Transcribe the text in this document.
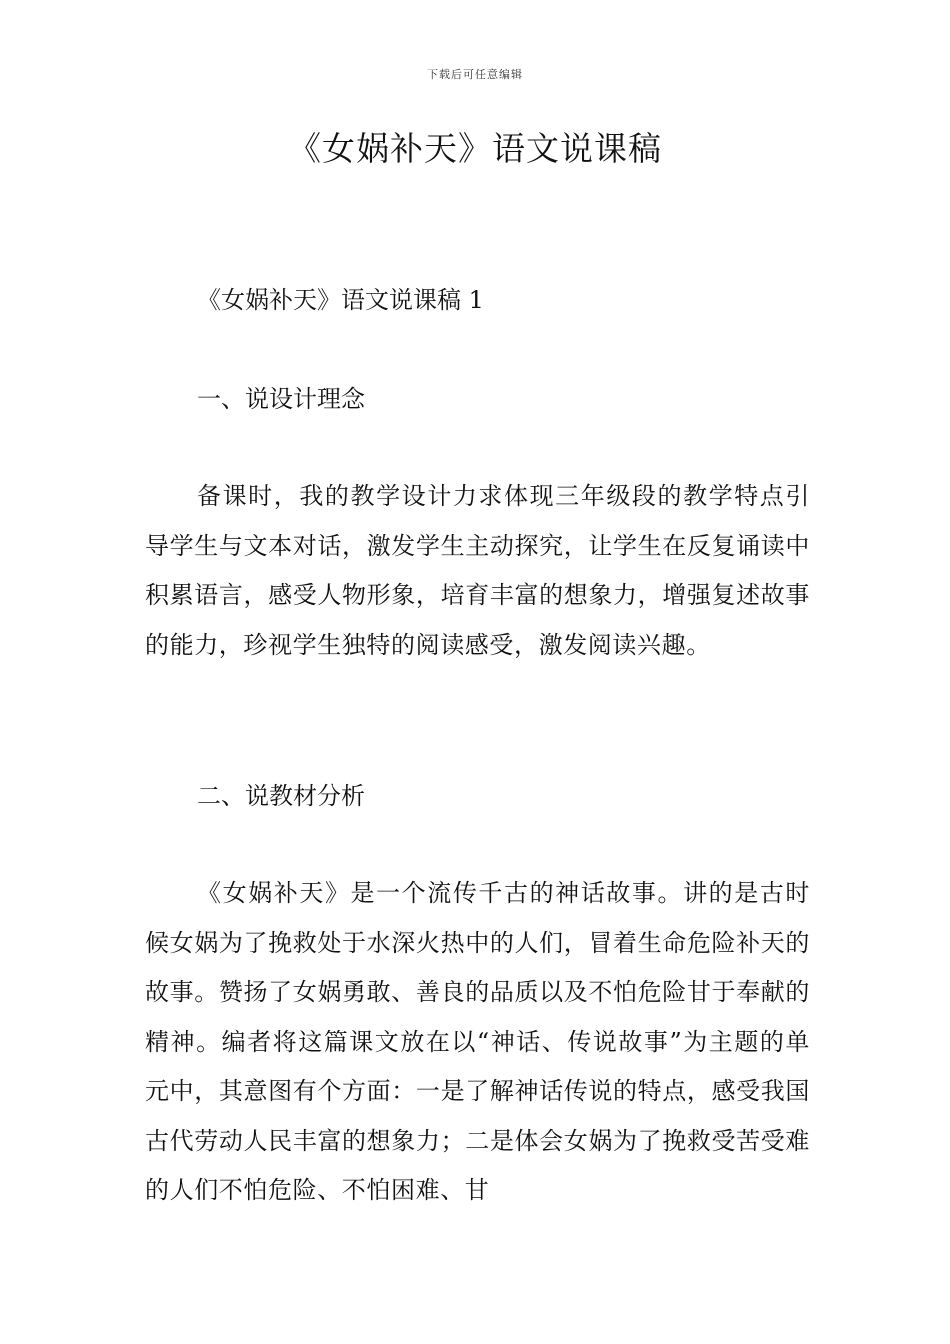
下载后可任意编辑
《女娲补天》语文说课稿

《女娲补天》语文说课稿 1

一、说设计理念

备课时，我的教学设计力求体现三年级段的教学特点引导学生与文本对话，激发学生主动探究，让学生在反复诵读中积累语言，感受人物形象，培育丰富的想象力，增强复述故事的能力，珍视学生独特的阅读感受，激发阅读兴趣。

二、说教材分析

《女娲补天》是一个流传千古的神话故事。讲的是古时候女娲为了挽救处于水深火热中的人们，冒着生命危险补天的故事。赞扬了女娲勇敢、善良的品质以及不怕危险甘于奉献的精神。编者将这篇课文放在以“神话、传说故事”为主题的单元中，其意图有个方面：一是了解神话传说的特点，感受我国古代劳动人民丰富的想象力；二是体会女娲为了挽救受苦受难的人们不怕危险、不怕困难、甘
